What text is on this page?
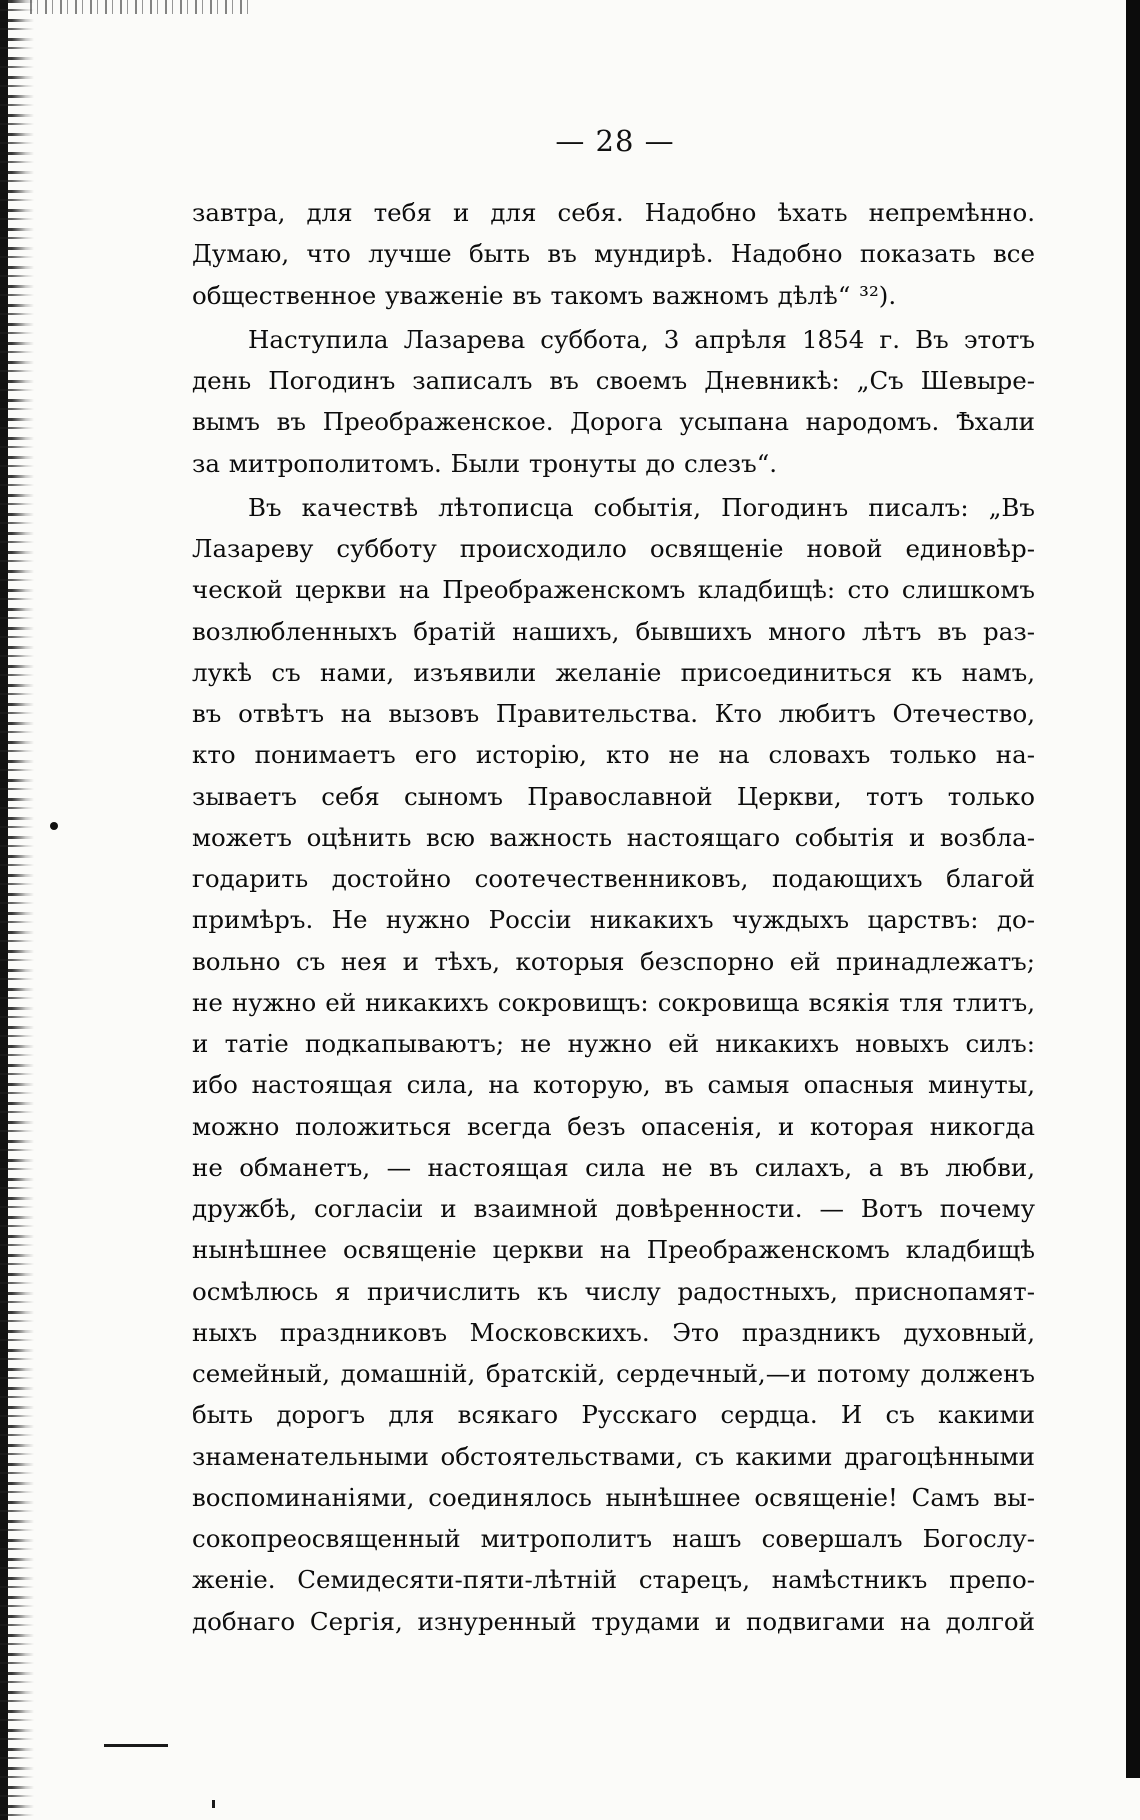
— 28 —
завтра, для тебя и для себя. Надобно ѣхать непремѣнно.
Думаю, что лучше быть въ мундирѣ. Надобно показать все
общественное уваженіе въ такомъ важномъ дѣлѣ“ ³²).
Наступила Лазарева суббота, 3 апрѣля 1854 г. Въ этотъ
день Погодинъ записалъ въ своемъ Дневникѣ: „Съ Шевыре-
вымъ въ Преображенское. Дорога усыпана народомъ. Ѣхали
за митрополитомъ. Были тронуты до слезъ“.
Въ качествѣ лѣтописца событія, Погодинъ писалъ: „Въ
Лазареву субботу происходило освященіе новой единовѣр-
ческой церкви на Преображенскомъ кладбищѣ: сто слишкомъ
возлюбленныхъ братій нашихъ, бывшихъ много лѣтъ въ раз-
лукѣ съ нами, изъявили желаніе присоединиться къ намъ,
въ отвѣтъ на вызовъ Правительства. Кто любитъ Отечество,
кто понимаетъ его исторію, кто не на словахъ только на-
зываетъ себя сыномъ Православной Церкви, тотъ только
можетъ оцѣнить всю важность настоящаго событія и возбла-
годарить достойно соотечественниковъ, подающихъ благой
примѣръ. Не нужно Россіи никакихъ чуждыхъ царствъ: до-
вольно съ нея и тѣхъ, которыя безспорно ей принадлежатъ;
не нужно ей никакихъ сокровищъ: сокровища всякія тля тлитъ,
и татіе подкапываютъ; не нужно ей никакихъ новыхъ силъ:
ибо настоящая сила, на которую, въ самыя опасныя минуты,
можно положиться всегда безъ опасенія, и которая никогда
не обманетъ, — настоящая сила не въ силахъ, а въ любви,
дружбѣ, согласіи и взаимной довѣренности. — Вотъ почему
нынѣшнее освященіе церкви на Преображенскомъ кладбищѣ
осмѣлюсь я причислить къ числу радостныхъ, приснопамят-
ныхъ праздниковъ Московскихъ. Это праздникъ духовный,
семейный, домашній, братскій, сердечный,—и потому долженъ
быть дорогъ для всякаго Русскаго сердца. И съ какими
знаменательными обстоятельствами, съ какими драгоцѣнными
воспоминаніями, соединялось нынѣшнее освященіе! Самъ вы-
сокопреосвященный митрополитъ нашъ совершалъ Богослу-
женіе. Семидесяти-пяти-лѣтній старецъ, намѣстникъ препо-
добнаго Сергія, изнуренный трудами и подвигами на долгой
